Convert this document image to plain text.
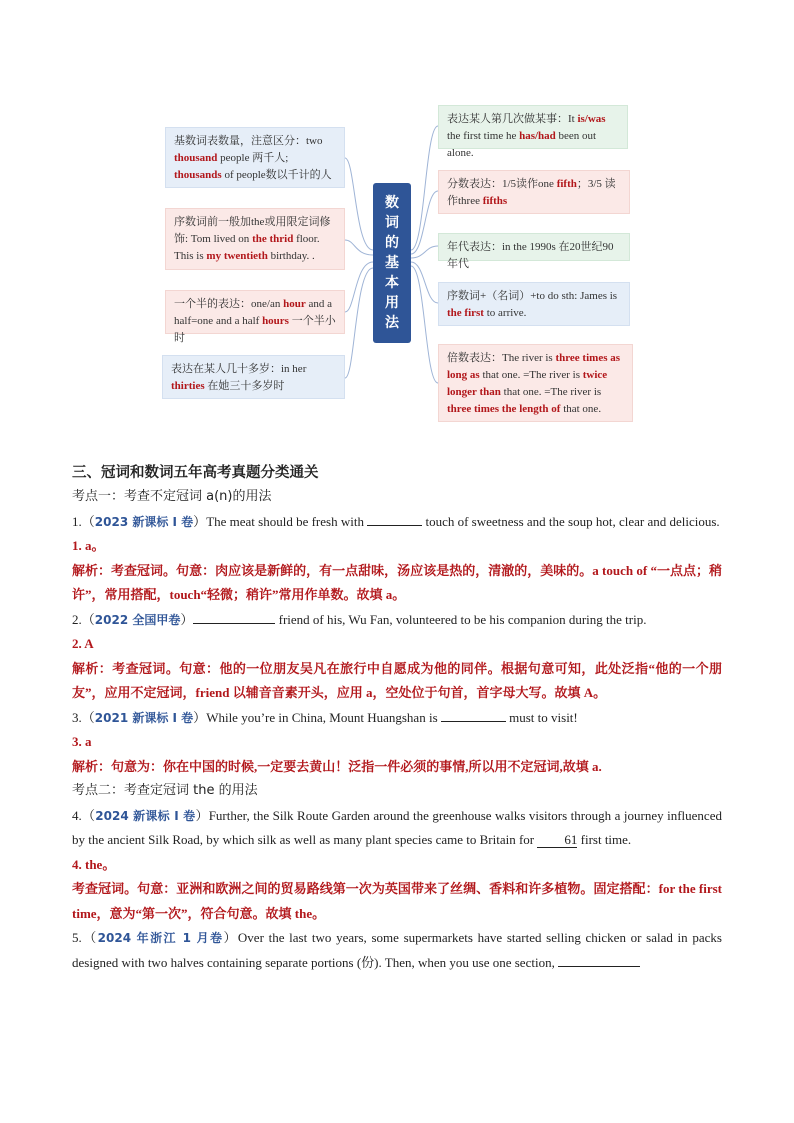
基数词表数量，注意区分：two thousand people 两千人; thousands of people数以千计的人
序数词前一般加the或用限定词修饰: Tom lived on the thrid floor. This is my twentieth birthday. .
一个半的表达：one/an hour and a half=one and a half hours 一个半小时
表达在某人几十多岁：in her thirties 在她三十多岁时
数
词
的
基
本
用
法
表达某人第几次做某事：It is/was the first time he has/had been out alone.
分数表达：1/5读作one fifth；3/5 读作three fifths
年代表达：in the 1990s 在20世纪90年代
序数词+（名词）+to do sth: James is the first to arrive.
倍数表达：The river is three times as long as that one. =The river is twice longer than that one. =The river is three times the length of that one.

三、冠词和数词五年高考真题分类通关

考点一：考查不定冠词 a(n)的用法

1.（2023 新课标 I 卷）The meat should be fresh with	touch of sweetness and the soup hot, clear and delicious.

1. a。

解析：考查冠词。句意：肉应该是新鲜的，有一点甜味，汤应该是热的，清澈的，美味的。a touch of “一点点；稍许”，常用搭配，touch“轻微；稍许”常用作单数。故填 a。

2.（2022 全国甲卷）	friend of his, Wu Fan, volunteered to be his companion during the trip.

2. A

解析：考查冠词。句意：他的一位朋友吴凡在旅行中自愿成为他的同伴。根据句意可知，此处泛指“他的一个朋友”，应用不定冠词，friend 以辅音音素开头，应用 a，空处位于句首，首字母大写。故填 A。

3.（2021 新课标 I 卷）While you’re in China, Mount Huangshan is	must to visit!

3. a

解析：句意为：你在中国的时候,一定要去黄山！泛指一件必须的事情,所以用不定冠词,故填 a.

考点二：考查定冠词 the 的用法

4.（2024 新课标 I 卷）Further, the Silk Route Garden around the greenhouse walks visitors through a journey influenced by the ancient Silk Road, by which silk as well as many plant species came to Britain for 61 first time.

4. the。

考查冠词。句意：亚洲和欧洲之间的贸易路线第一次为英国带来了丝绸、香料和许多植物。固定搭配：for the first time，意为“第一次”，符合句意。故填 the。

5.（2024 年浙江 1 月卷）Over the last two years, some supermarkets have started selling chicken or salad in packs designed with two halves containing separate portions (份). Then, when you use one section,
